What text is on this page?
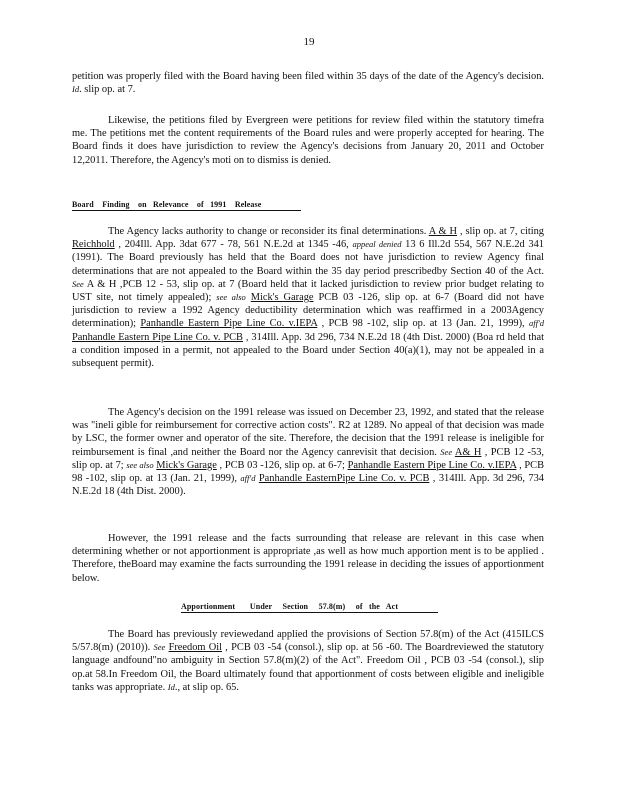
19

petition was properly filed with the Board having been filed within 35 days of the date of the Agency's decision. Id. slip op. at 7.

Likewise, the petitions filed by Evergreen were petitions for review filed within the statutory timefra me. The petitions met the content requirements of the Board rules and were properly accepted for hearing. The Board finds it does have jurisdiction to review the Agency's decisions from January 20, 2011 and October 12,2011. Therefore, the Agency's moti on to dismiss is denied.

Board    Finding    on   Relevance    of   1991    Release

The Agency lacks authority to change or reconsider its final determinations. A & H , slip op. at 7, citing Reichhold , 204Ill. App. 3dat 677 - 78, 561 N.E.2d at 1345 -46, appeal denied 13 6 Ill.2d 554, 567 N.E.2d 341 (1991). The Board previously has held that the Board does not have jurisdiction to review Agency final determinations that are not appealed to the Board within the 35 day period prescribedby Section 40 of the Act. See A & H ,PCB 12 - 53, slip op. at 7 (Board held that it lacked jurisdiction to review prior budget relating to UST site, not timely appealed); see also Mick's Garage PCB 03 -126, slip op. at 6-7 (Board did not have jurisdiction to review a 1992 Agency deductibility determination which was reaffirmed in a 2003Agency determination); Panhandle Eastern Pipe Line Co. v.IEPA , PCB 98 -102, slip op. at 13 (Jan. 21, 1999), aff'd Panhandle Eastern Pipe Line Co. v. PCB , 314Ill. App. 3d 296, 734 N.E.2d 18 (4th Dist. 2000) (Boa rd held that a condition imposed in a permit, not appealed to the Board under Section 40(a)(1), may not be appealed in a subsequent permit).

The Agency's decision on the 1991 release was issued on December 23, 1992, and stated that the release was "ineli gible for reimbursement for corrective action costs". R2 at 1289. No appeal of that decision was made by LSC, the former owner and operator of the site. Therefore, the decision that the 1991 release is ineligible for reimbursement is final ,and neither the Board nor the Agency canrevisit that decision. See A& H , PCB 12 -53, slip op. at 7; see also Mick's Garage , PCB 03 -126, slip op. at 6-7; Panhandle Eastern Pipe Line Co. v.IEPA , PCB 98 -102, slip op. at 13 (Jan. 21, 1999), aff'd Panhandle EasternPipe Line Co. v. PCB , 314Ill. App. 3d 296, 734 N.E.2d 18 (4th Dist. 2000).

However, the 1991 release and the facts surrounding that release are relevant in this case when determining whether or not apportionment is appropriate ,as well as how much apportion ment is to be applied . Therefore, theBoard may examine the facts surrounding the 1991 release in deciding the issues of apportionment below.

Apportionment       Under     Section     57.8(m)     of   the   Act

The Board has previously reviewedand applied the provisions of Section 57.8(m) of the Act (415ILCS 5/57.8(m) (2010)). See Freedom Oil , PCB 03 -54 (consol.), slip op. at 56 -60. The Boardreviewed the statutory language andfound"no ambiguity in Section 57.8(m)(2) of the Act". Freedom Oil , PCB 03 -54 (consol.), slip op.at 58.In Freedom Oil, the Board ultimately found that apportionment of costs between eligible and ineligible tanks was appropriate. Id., at slip op. 65.
